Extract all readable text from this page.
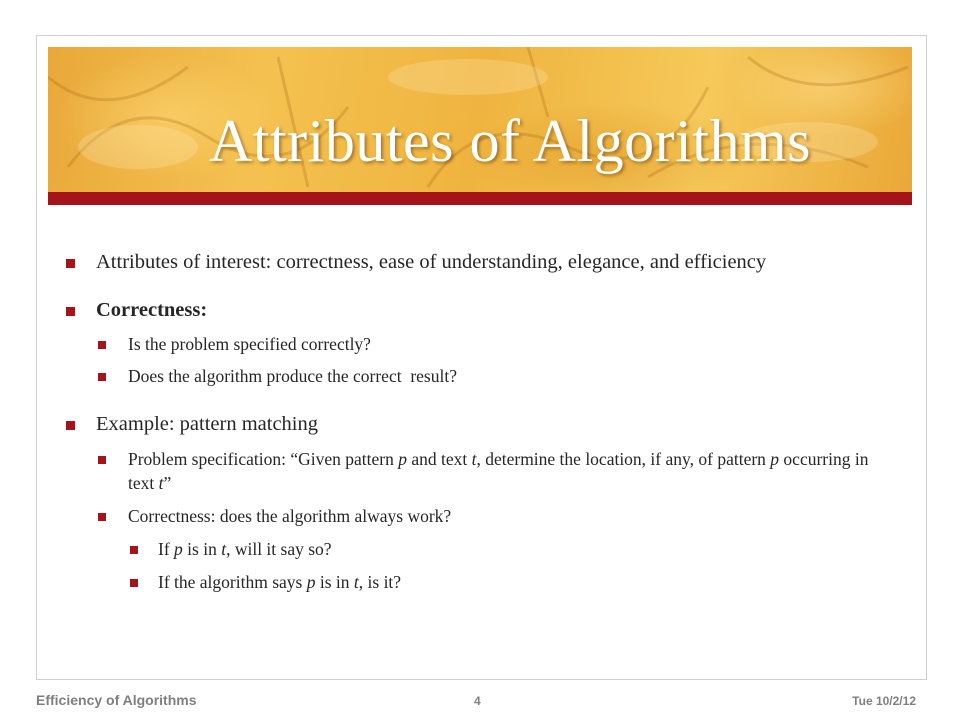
Attributes of Algorithms
Attributes of interest: correctness, ease of understanding, elegance, and efficiency
Correctness:
Is the problem specified correctly?
Does the algorithm produce the correct  result?
Example: pattern matching
Problem specification: “Given pattern p and text t, determine the location, if any, of pattern p occurring in text t”
Correctness: does the algorithm always work?
If p is in t, will it say so?
If the algorithm says p is in t, is it?
Efficiency of Algorithms	4	Tue 10/2/12
